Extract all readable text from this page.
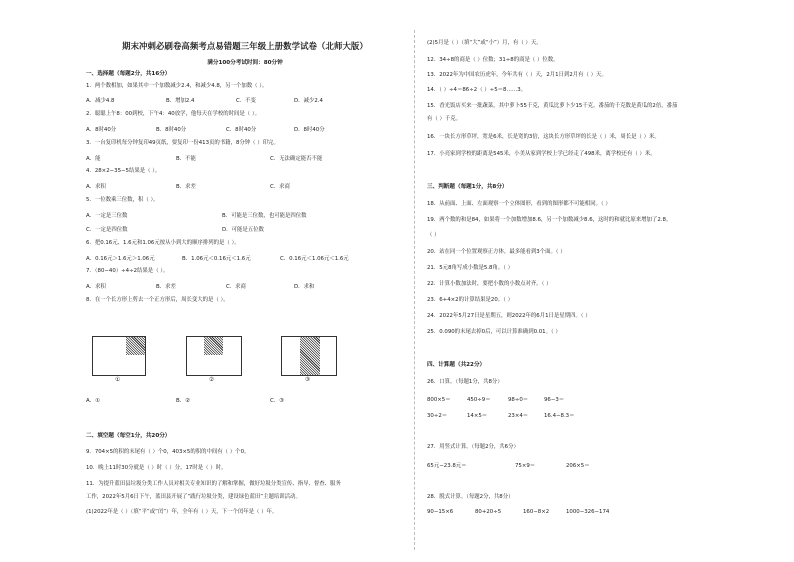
期末冲刺必刷卷高频考点易错题三年级上册数学试卷（北师大版）
满分100分考试时间：80分钟
一、选择题（每题2分，共16分）
1．两个数相加，如果其中一个加数减少2.4，和减少4.8，另一个加数（ ）。
A．减少4.8	B．增加2.4	C．不变	D．减少2.4
2．聪聪上午8：00到校，下午4：40放学，他每天在学校的时间是（ ）。
A．8时40分	B．8时40分	C．8时40分	D．8时40分
3．一台复印机每分钟复印49页纸，要复印一份413页的书籍，8分钟（ ）印完。
A．能	B．不能	C．无法确定能否不能
4．28×2−35−5结果是（ ）。
A．求积	B．求差	C．求商
5．一位数乘三位数，积（ ）。
A．一定是三位数	B．可能是三位数，也可能是四位数
C．一定是四位数	D．可能是五位数
6．把0.16元、1.6元和1.06元按从小到大的顺序排列的是（ ）。
A．0.16元＞1.6元＞1.06元	B．1.06元＜0.16元＜1.6元	C．0.16元＜1.06元＜1.6元
7．（80−40）÷4÷2结果是（ ）。
A．求积	B．求差	C．求商	D．求和
8．在一个长方形上剪去一个正方形后，周长变大的是（ ）。
①	②	③
A．①	B．②	C．③
二、填空题（每空1分，共20分）
9．704×5的积的末尾有（ ）个0，403×5的积的中间有（ ）个0。
10．晚上11时30分就是（ ）时（ ）分，17时是（ ）时。
11．为提升蓝田县垃圾分类工作人员对相关专业知识的了解和掌握，做好垃圾分类宣传、指导、督查、服务
工作，2022年5月6日下午，蓝田县开展了“践行垃圾分类，建设绿色蓝田”主题培训活动。
(1)2022年是（ ）（填“平”或“闰”）年，全年有（ ）天，下一个闰年是（ ）年。
(2)5月是（ ）（填“大”或“小”）月，有（ ）天。
12．34÷8的商是（ ）位数；31÷8的商是（ ）位数。
13．2022年为中国农历虎年，今年共有（ ）天，2月1日到2月有（ ）天。
14．（ ）÷4＝86÷2（ ）÷5＝8……3。
15．香光饭店买来一批蔬菜，其中萝卜55千克，黄瓜比萝卜少15千克，番茄的千克数是黄瓜的2倍，番茄
有（ ）千克。
16．一块长方形草坪，宽是6米，长是宽的3倍，这块长方形草坪的长是（ ）米，周长是（ ）米。
17．小亮家到学校的距离是545米，小美从家到学校上学已经走了498米，离学校还有（ ）米。
三、判断题（每题1分，共8分）
18．从前面、上面、左面观察一个立体图形，看到的图形都不可能相同。（ ）
19．两个数的和是84，如果将一个加数增加8.6，另一个加数减少8.6，这时的和就比原来增加了2.8。
（ ）
20．站在同一个位置观察正方体，最多能看到3个面。（ ）
21．5元8角写成小数是5.8角。（ ）
22．计算小数加法时，要把小数的小数点对齐。（ ）
23．6+4×2的计算结果是20。（ ）
24．2022年5月27日是星期五，则2022年的6月1日是星期四。（ ）
25．0.090的末尾去掉0后，可以计算准确到0.01。（ ）
四、计算题（共22分）
26．口算。（每题1分，共8分）
800×5＝	450÷9＝	98÷0＝	96−3＝
30÷2＝	14×5＝	23×4＝	16.4−8.3＝
27．用竖式计算。（每题2分，共6分）
65元−23.8元＝	75×9＝	206×5＝
28．脱式计算。（每题2分，共8分）
90−15×6	80+20÷5	160−8×2	1000−326−174
